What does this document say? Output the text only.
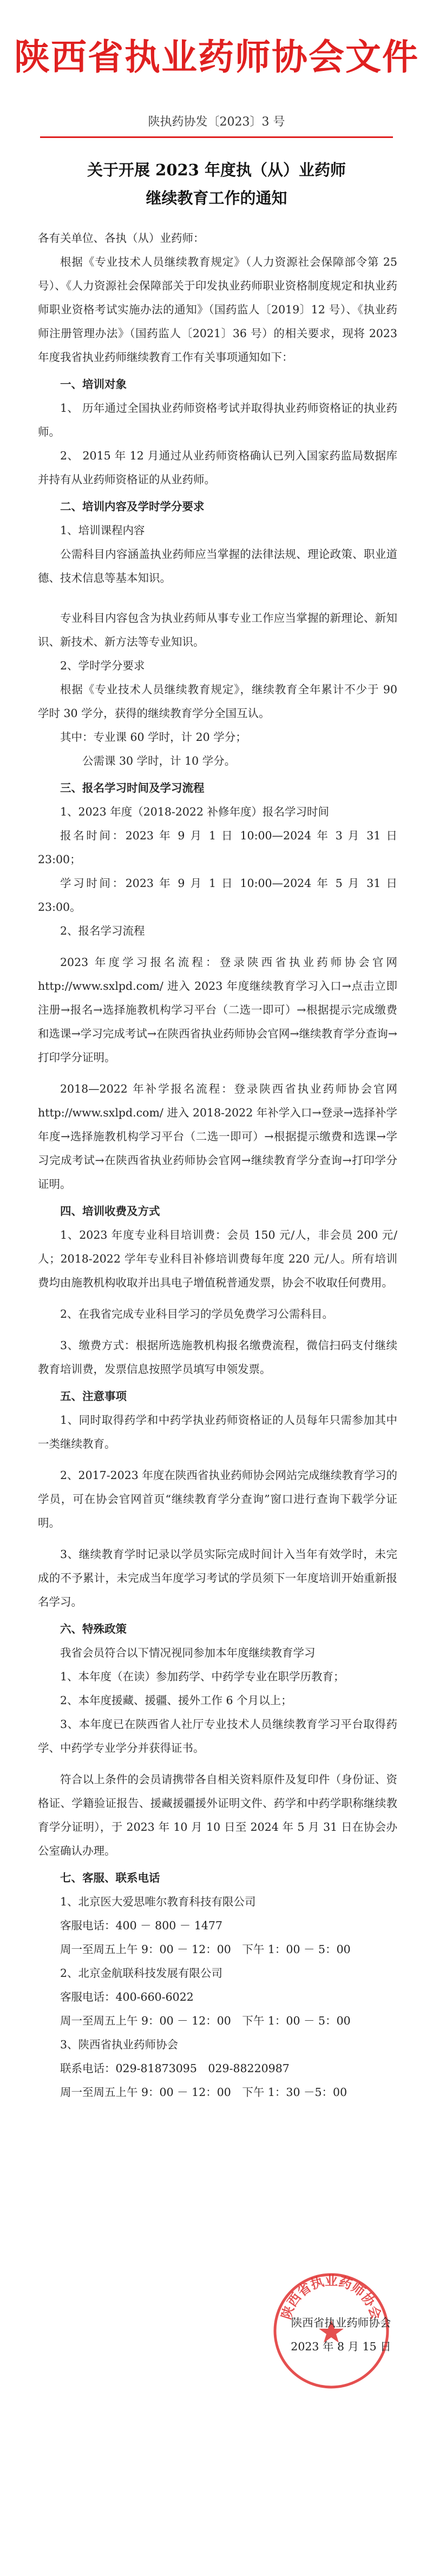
陕西省执业药师协会文件
陕执药协发〔2023〕3 号
关于开展 2023 年度执（从）业药师
继续教育工作的通知

各有关单位、各执（从）业药师：

根据《专业技术人员继续教育规定》（人力资源社会保障部令第 25 号）、《人力资源社会保障部关于印发执业药师职业资格制度规定和执业药师职业资格考试实施办法的通知》（国药监人〔2019〕12 号）、《执业药师注册管理办法》（国药监人〔2021〕36 号）的相关要求，现将 2023 年度我省执业药师继续教育工作有关事项通知如下：

一、培训对象

1、 历年通过全国执业药师资格考试并取得执业药师资格证的执业药师。

2、 2015 年 12 月通过从业药师资格确认已列入国家药监局数据库并持有从业药师资格证的从业药师。

二、培训内容及学时学分要求

1、培训课程内容

公需科目内容涵盖执业药师应当掌握的法律法规、理论政策、职业道德、技术信息等基本知识。

专业科目内容包含为执业药师从事专业工作应当掌握的新理论、新知识、新技术、新方法等专业知识。

2、学时学分要求

根据《专业技术人员继续教育规定》，继续教育全年累计不少于 90 学时 30 学分，获得的继续教育学分全国互认。

其中：专业课 60 学时，计 20 学分；

公需课 30 学时，计 10 学分。

三、报名学习时间及学习流程

1、2023 年度（2018-2022 补修年度）报名学习时间

报名时间：2023 年 9 月 1 日 10:00—2024 年 3 月 31 日 23:00；

学习时间：2023 年 9 月 1 日 10:00—2024 年 5 月 31 日 23:00。

2、报名学习流程

2023 年度学习报名流程：登录陕西省执业药师协会官网 http://www.sxlpd.com/ 进入 2023 年度继续教育学习入口→点击立即注册→报名→选择施教机构学习平台（二选一即可）→根据提示完成缴费和选课→学习完成考试→在陕西省执业药师协会官网→继续教育学分查询→打印学分证明。

2018—2022 年补学报名流程：登录陕西省执业药师协会官网 http://www.sxlpd.com/ 进入 2018-2022 年补学入口→登录→选择补学年度→选择施教机构学习平台（二选一即可）→根据提示缴费和选课→学习完成考试→在陕西省执业药师协会官网→继续教育学分查询→打印学分证明。

四、培训收费及方式

1、2023 年度专业科目培训费：会员 150 元/人，非会员 200 元/人；2018-2022 学年专业科目补修培训费每年度 220 元/人。所有培训费均由施教机构收取并出具电子增值税普通发票，协会不收取任何费用。

2、在我省完成专业科目学习的学员免费学习公需科目。

3、缴费方式：根据所选施教机构报名缴费流程，微信扫码支付继续教育培训费，发票信息按照学员填写申领发票。

五、注意事项

1、同时取得药学和中药学执业药师资格证的人员每年只需参加其中一类继续教育。

2、2017-2023 年度在陕西省执业药师协会网站完成继续教育学习的学员，可在协会官网首页“继续教育学分查询”窗口进行查询下载学分证明。

3、继续教育学时记录以学员实际完成时间计入当年有效学时，未完成的不予累计，未完成当年度学习考试的学员须下一年度培训开始重新报名学习。

六、特殊政策

我省会员符合以下情况视同参加本年度继续教育学习

1、本年度（在读）参加药学、中药学专业在职学历教育；

2、本年度援藏、援疆、援外工作 6 个月以上；

3、本年度已在陕西省人社厅专业技术人员继续教育学习平台取得药学、中药学专业学分并获得证书。

符合以上条件的会员请携带各自相关资料原件及复印件（身份证、资格证、学籍验证报告、援藏援疆援外证明文件、药学和中药学职称继续教育学分证明），于 2023 年 10 月 10 日至 2024 年 5 月 31 日在协会办公室确认办理。

七、客服、联系电话

1、北京医大爱思唯尔教育科技有限公司

客服电话：400 － 800 － 1477

周一至周五上午 9：00 － 12：00　下午 1：00 － 5：00

2、北京金航联科技发展有限公司

客服电话：400-660-6022

周一至周五上午 9：00 － 12：00　下午 1：00 － 5：00

3、陕西省执业药师协会

联系电话：029-81873095　029-88220987

周一至周五上午 9：00 － 12：00　下午 1：30 －5：00

陕西省执业药师协会
陕西省执业药师协会
2023 年 8 月 15 日
